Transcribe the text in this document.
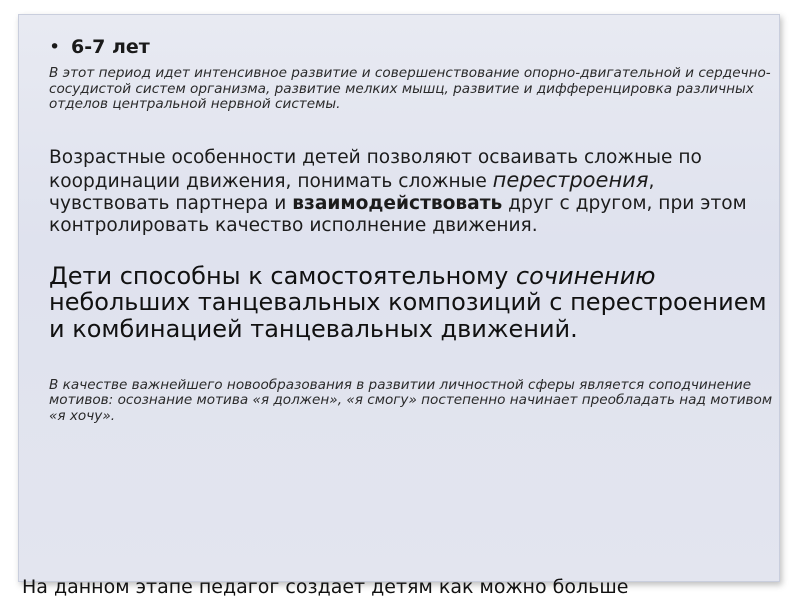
• 6-7 лет

В этот период идет интенсивное развитие и совершенствование опорно-двигательной и сердечно-сосудистой систем организма, развитие мелких мышц, развитие и дифференцировка различных отделов центральной нервной системы.

Возрастные особенности детей позволяют осваивать сложные по координации движения, понимать сложные перестроения, чувствовать партнера и взаимодействовать друг с другом, при этом контролировать качество исполнение движения.

Дети способны к самостоятельному сочинению небольших танцевальных композиций с перестроением и комбинацией танцевальных движений.

В качестве важнейшего новообразования в развитии личностной сферы является соподчинение мотивов: осознание мотива «я должен», «я смогу» постепенно начинает преобладать над мотивом «я хочу».

На данном этапе педагог создает детям как можно больше
